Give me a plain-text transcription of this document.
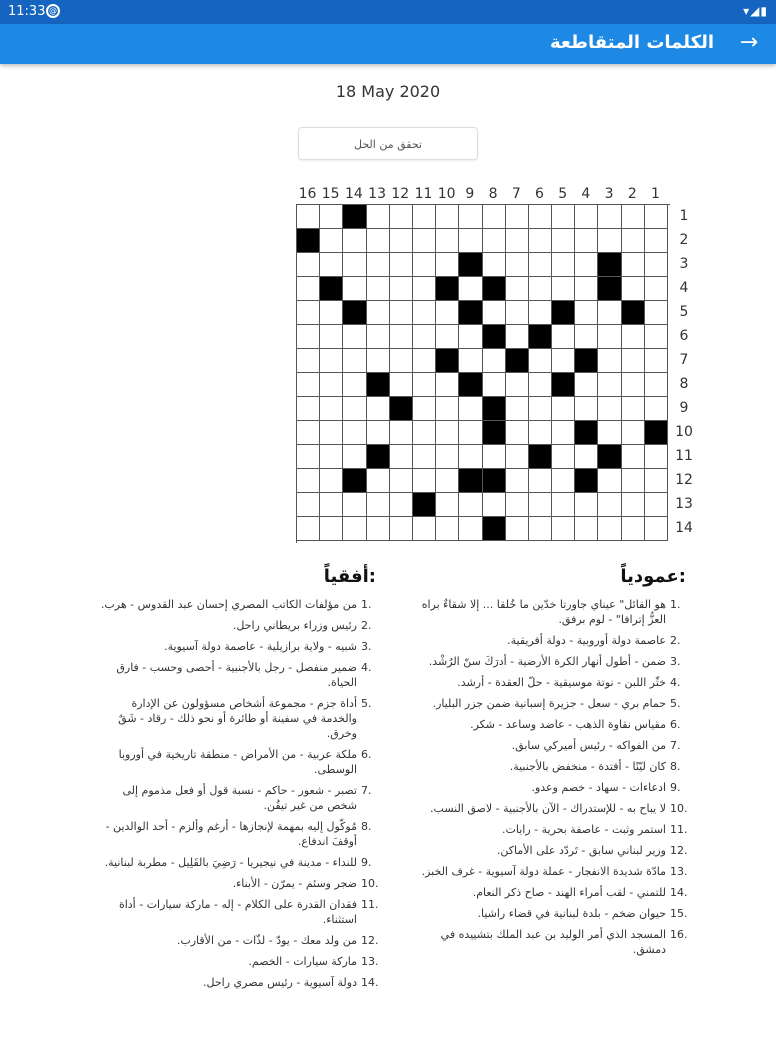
11:33 @	▾◢▮
الكلمات المتقاطعة →
18 May 2020
تحقق من الحل
1
2
3
4
5
6
7
8
9
10
11
12
13
14
15
16
1
2
3
4
5
6
7
8
9
10
11
12
13
14
عمودياً:
1.
هو القائل" عيناي جاورتا خدّين ما خُلقا ... إلا شقاءٌ براه العزُّ إترافا" - لوم برفق.
2.
عاصمة دولة أوروبية - دولة أفريقية.
3.
ضمن - أطول أنهار الكرة الأرضية - أدرَكَ سنّ الرُشْد.
4.
خثّر اللبن - نوتة موسيقية - حلّ العقدة - أرشد.
5.
حمام بري - سعل - جزيرة إسبانية ضمن جزر البليار.
6.
مقياس نقاوة الذهب - عاضد وساعد - شكر.
7.
من الفواكه - رئيس أميركي سابق.
8.
كان ليّنًا - أفتدة - منخفض بالأجنبية.
9.
ادعاءات - سهاد - خصم وعدو.
10.
لا يباح به - للإستدراك - الآن بالأجنبية - لاصق النسب.
11.
استمر وثبت - عاصفة بحرية - رايات.
12.
وزير لبناني سابق - تَردّد على الأماكن.
13.
مادّة شديدة الانفجار - عملة دولة آسيوية - غرف الخبز.
14.
للتمني - لقب أمراء الهند - صاح ذكر النعام.
15.
حيوان ضخم - بلدة لبنانية في قضاء راشيا.
16.
المسجد الذي أمر الوليد بن عبد الملك بتشييده في دمشق.
أفقياً:
1.
من مؤلفات الكاتب المصري إحسان عبد القدوس - هرب.
2.
رئيس وزراء بريطاني راحل.
3.
شبيه - ولاية برازيلية - عاصمة دولة آسيوية.
4.
ضمير منفصل - رجل بالأجنبية - أحصى وحسب - فارق الحياة.
5.
أداة جزم - مجموعة أشخاص مسؤولون عن الإدارة والخدمة في سفينة أو طائرة أو نحو ذلك - رقاد - شَقٌ وخرق.
6.
ملكة عربية - من الأمراض - منطقة تاريخية في أوروبا الوسطى.
7.
تصبر - شعور - حاكم - نسبة قول أو فعل مذموم إلى شخص من غير تيقُن.
8.
مُوكّول إليه بمهمة لإنجازها - أرغم وألزم - أحد الوالدين - أوقفَ اندفاع.
9.
للنداء - مدينة في نيجيريا - رَضِيَ بالقَلِيل - مطربة لبنانية.
10.
ضجر وسئم - يمرّن - الأبناء.
11.
فقدان القدرة على الكلام - إله - ماركة سيارات - أداة استثناء.
12.
من ولد معك - يودّ - لذّات - من الأقارب.
13.
ماركة سيارات - الخصم.
14.
دولة آسيوية - رئيس مصري راحل.
